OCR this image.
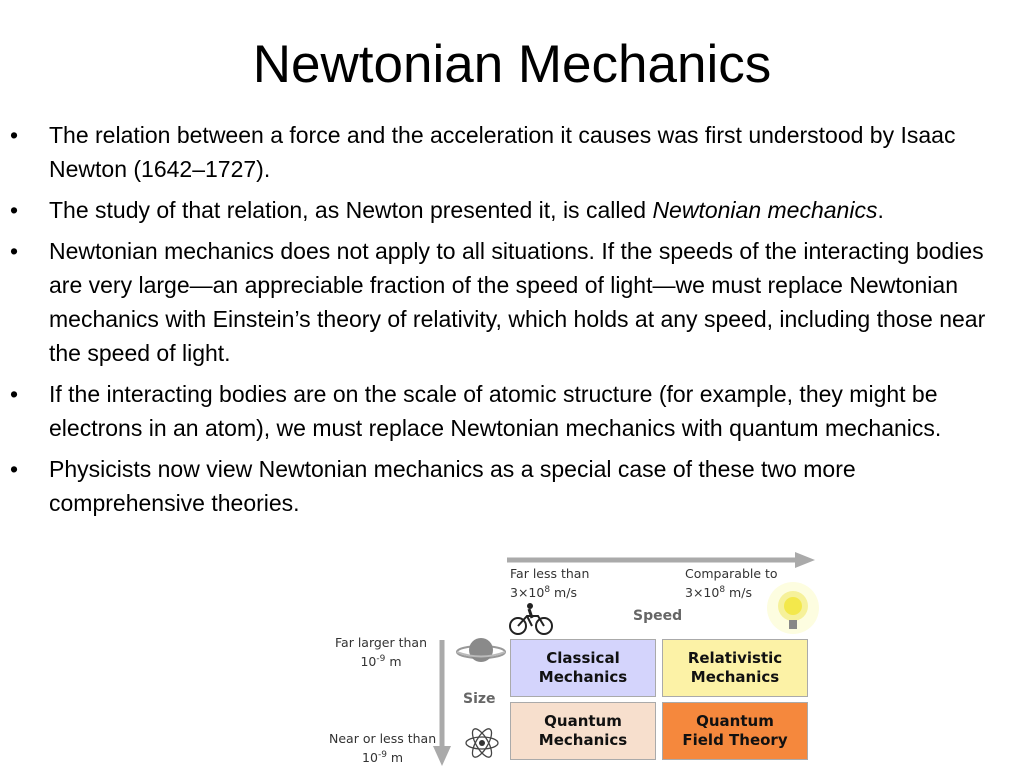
Newtonian Mechanics
• The relation between a force and the acceleration it causes was first understood by Isaac Newton (1642–1727).
• The study of that relation, as Newton presented it, is called Newtonian mechanics.
• Newtonian mechanics does not apply to all situations. If the speeds of the interacting bodies are very large—an appreciable fraction of the speed of light—we must replace Newtonian mechanics with Einstein’s theory of relativity, which holds at any speed, including those near the speed of light.
• If the interacting bodies are on the scale of atomic structure (for example, they might be electrons in an atom), we must replace Newtonian mechanics with quantum mechanics.
• Physicists now view Newtonian mechanics as a special case of these two more comprehensive theories.
Far less than
$3\times 10^8$ m/s
Comparable to
$3\times 10^8$ m/s
Speed
Far larger than
$10^{-9}$ m
Near or less than
$10^{-9}$ m
Size
Classical
Mechanics
Relativistic
Mechanics
Quantum
Mechanics
Quantum
Field Theory
